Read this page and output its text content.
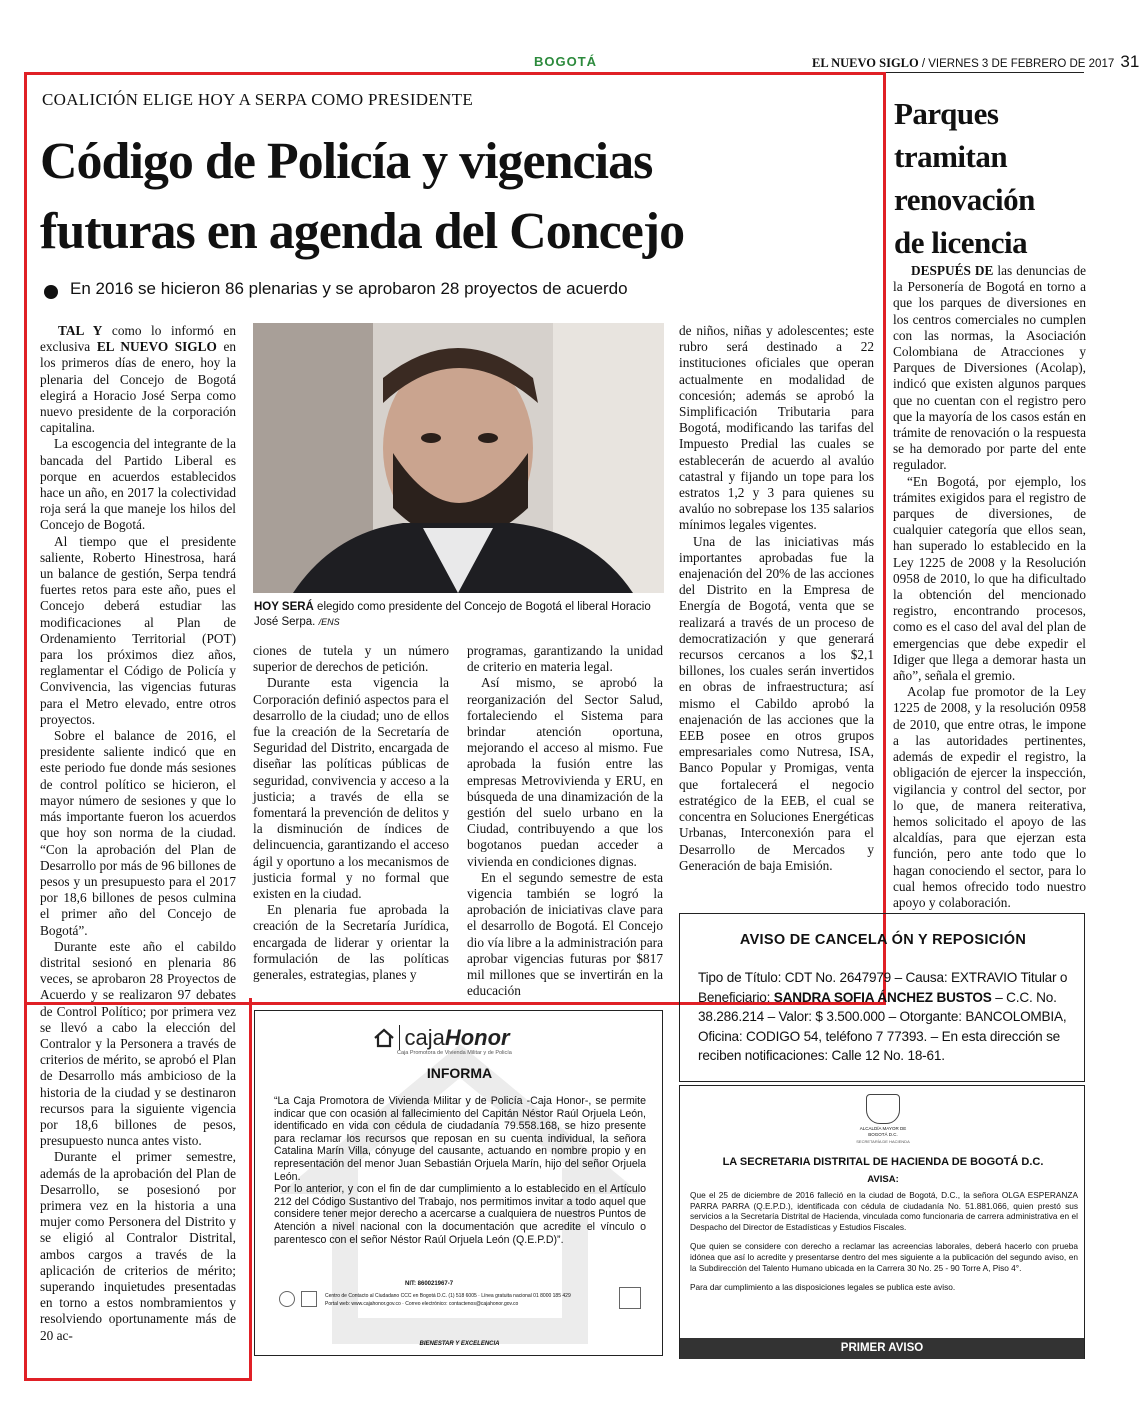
BOGOTÁ	EL NUEVO SIGLO / VIERNES 3 DE FEBRERO DE 2017 31
COALICIÓN ELIGE HOY A SERPA COMO PRESIDENTE
Código de Policía y vigencias
futuras en agenda del Concejo
En 2016 se hicieron 86 plenarias y se aprobaron 28 proyectos de acuerdo

TAL Y como lo informó en exclusiva EL NUEVO SIGLO en los primeros días de enero, hoy la plenaria del Concejo de Bogotá elegirá a Horacio José Serpa como nuevo presidente de la corporación capitalina.

La escogencia del integrante de la bancada del Partido Liberal es porque en acuerdos establecidos hace un año, en 2017 la colectividad roja será la que maneje los hilos del Concejo de Bogotá.

Al tiempo que el presidente saliente, Roberto Hinestrosa, hará un balance de gestión, Serpa tendrá fuertes retos para este año, pues el Concejo deberá estudiar las modificaciones al Plan de Ordenamiento Territorial (POT) para los próximos diez años, reglamentar el Código de Policía y Convivencia, las vigencias futuras para el Metro elevado, entre otros proyectos.

Sobre el balance de 2016, el presidente saliente indicó que en este periodo fue donde más sesiones de control político se hicieron, el mayor número de sesiones y que lo más importante fueron los acuerdos que hoy son norma de la ciudad. “Con la aprobación del Plan de Desarrollo por más de 96 billones de pesos y un presupuesto para el 2017 por 18,6 billones de pesos culmina el primer año del Concejo de Bogotá”.

Durante este año el cabildo distrital sesionó en plenaria 86 veces, se aprobaron 28 Proyectos de Acuerdo y se realizaron 97 debates de Control Político; por primera vez se llevó a cabo la elección del Contralor y la Personera a través de criterios de mérito, se aprobó el Plan de Desarrollo más ambicioso de la historia de la ciudad y se destinaron recursos para la siguiente vigencia por 18,6 billones de pesos, presupuesto nunca antes visto.

Durante el primer semestre, además de la aprobación del Plan de Desarrollo, se posesionó por primera vez en la historia a una mujer como Personera del Distrito y se eligió al Contralor Distrital, ambos cargos a través de la aplicación de criterios de mérito; superando inquietudes presentadas en torno a estos nombramientos y resolviendo oportunamente más de 20 ac-

HOY SERÁ elegido como presidente del Concejo de Bogotá el liberal Horacio José Serpa. /ENS

ciones de tutela y un número superior de derechos de petición.

Durante esta vigencia la Corporación definió aspectos para el desarrollo de la ciudad; uno de ellos fue la creación de la Secretaría de Seguridad del Distrito, encargada de diseñar las políticas públicas de seguridad, convivencia y acceso a la justicia; a través de ella se fomentará la prevención de delitos y la disminución de índices de delincuencia, garantizando el acceso ágil y oportuno a los mecanismos de justicia formal y no formal que existen en la ciudad.

En plenaria fue aprobada la creación de la Secretaría Jurídica, encargada de liderar y orientar la formulación de las políticas generales, estrategias, planes y

programas, garantizando la unidad de criterio en materia legal.

Así mismo, se aprobó la reorganización del Sector Salud, fortaleciendo el Sistema para brindar atención oportuna, mejorando el acceso al mismo. Fue aprobada la fusión entre las empresas Metrovivienda y ERU, en búsqueda de una dinamización de la gestión del suelo urbano en la Ciudad, contribuyendo a que los bogotanos puedan acceder a vivienda en condiciones dignas.

En el segundo semestre de esta vigencia también se logró la aprobación de iniciativas clave para el desarrollo de Bogotá. El Concejo dio vía libre a la administración para aprobar vigencias futuras por $817 mil millones que se invertirán en la educación

de niños, niñas y adolescentes; este rubro será destinado a 22 instituciones oficiales que operan actualmente en modalidad de concesión; además se aprobó la Simplificación Tributaria para Bogotá, modificando las tarifas del Impuesto Predial las cuales se establecerán de acuerdo al avalúo catastral y fijando un tope para los estratos 1,2 y 3 para quienes su avalúo no sobrepase los 135 salarios mínimos legales vigentes.

Una de las iniciativas más importantes aprobadas fue la enajenación del 20% de las acciones del Distrito en la Empresa de Energía de Bogotá, venta que se realizará a través de un proceso de democratización y que generará recursos cercanos a los $2,1 billones, los cuales serán invertidos en obras de infraestructura; así mismo el Cabildo aprobó la enajenación de las acciones que la EEB posee en otros grupos empresariales como Nutresa, ISA, Banco Popular y Promigas, venta que fortalecerá el negocio estratégico de la EEB, el cual se concentra en Soluciones Energéticas Urbanas, Interconexión para el Desarrollo de Mercados y Generación de baja Emisión.

Parques
tramitan
renovación
de licencia

DESPUÉS DE las denuncias de la Personería de Bogotá en torno a que los parques de diversiones en los centros comerciales no cumplen con las normas, la Asociación Colombiana de Atracciones y Parques de Diversiones (Acolap), indicó que existen algunos parques que no cuentan con el registro pero que la mayoría de los casos están en trámite de renovación o la respuesta se ha demorado por parte del ente regulador.

“En Bogotá, por ejemplo, los trámites exigidos para el registro de parques de diversiones, de cualquier categoría que ellos sean, han superado lo establecido en la Ley 1225 de 2008 y la Resolución 0958 de 2010, lo que ha dificultado la obtención del mencionado registro, encontrando procesos, como es el caso del aval del plan de emergencias que debe expedir el Idiger que llega a demorar hasta un año”, señala el gremio.

Acolap fue promotor de la Ley 1225 de 2008, y la resolución 0958 de 2010, que entre otras, le impone a las autoridades pertinentes, además de expedir el registro, la obligación de ejercer la inspección, vigilancia y control del sector, por lo que, de manera reiterativa, hemos solicitado el apoyo de las alcaldías, para que ejerzan esta función, pero ante todo que lo hagan conociendo el sector, para lo cual hemos ofrecido todo nuestro apoyo y colaboración.

cajaHonor
Caja Promotora de Vivienda Militar y de Policía
INFORMA
“La Caja Promotora de Vivienda Militar y de Policía -Caja Honor-, se permite indicar que con ocasión al fallecimiento del Capitán Néstor Raúl Orjuela León, identificado en vida con cédula de ciudadanía 79.558.168, se hizo presente para reclamar los recursos que reposan en su cuenta individual, la señora Catalina Marín Villa, cónyuge del causante, actuando en nombre propio y en representación del menor Juan Sebastián Orjuela Marín, hijo del señor Orjuela León.
Por lo anterior, y con el fin de dar cumplimiento a lo establecido en el Artículo 212 del Código Sustantivo del Trabajo, nos permitimos invitar a todo aquel que considere tener mejor derecho a acercarse a cualquiera de nuestros Puntos de Atención a nivel nacional con la documentación que acredite el vínculo o parentesco con el señor Néstor Raúl Orjuela León (Q.E.P.D)”.
NIT: 860021967-7
Centro de Contacto al Ciudadano CCC en Bogotá D.C. (1) 518 6005 · Línea gratuita nacional 01 8000 185 429
Portal web: www.cajahonor.gov.co · Correo electrónico: contactenos@cajahonor.gov.co
BIENESTAR Y EXCELENCIA
AVISO DE CANCELA ÓN Y REPOSICIÓN
Tipo de Título: CDT No. 2647979 – Causa: EXTRAVIO Titular o
Beneficiario: SANDRA SOFIA ÁNCHEZ BUSTOS – C.C. No.
38.286.214 – Valor: $ 3.500.000 – Otorgante: BANCOLOMBIA,
Oficina: CODIGO 54, teléfono 7 77393. – En esta dirección se
reciben notificaciones: Calle 12 No. 18-61.
ALCALDÍA MAYOR DE BOGOTÁ D.C.
SECRETARÍA DE HACIENDA
LA SECRETARIA DISTRITAL DE HACIENDA DE BOGOTÁ D.C.
AVISA:
Que el 25 de diciembre de 2016 falleció en la ciudad de Bogotá, D.C., la señora OLGA ESPERANZA PARRA PARRA (Q.E.P.D.), identificada con cédula de ciudadanía No. 51.881.066, quien prestó sus servicios a la Secretaría Distrital de Hacienda, vinculada como funcionaria de carrera administrativa en el Despacho del Director de Estadísticas y Estudios Fiscales.
Que quien se considere con derecho a reclamar las acreencias laborales, deberá hacerlo con prueba idónea que así lo acredite y presentarse dentro del mes siguiente a la publicación del segundo aviso, en la Subdirección del Talento Humano ubicada en la Carrera 30 No. 25 - 90 Torre A, Piso 4°.
Para dar cumplimiento a las disposiciones legales se publica este aviso.
PRIMER AVISO
